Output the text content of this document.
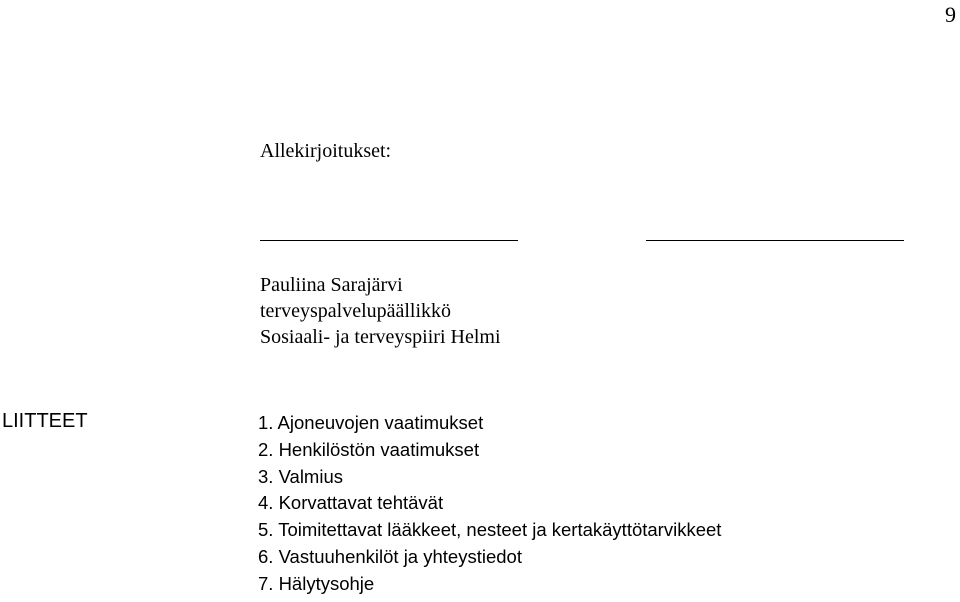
9
Allekirjoitukset:
Pauliina Sarajärvi
terveyspalvelupäällikkö
Sosiaali- ja terveyspiiri Helmi
LIITTEET	1. Ajoneuvojen vaatimukset
2. Henkilöstön vaatimukset
3. Valmius
4. Korvattavat tehtävät
5. Toimitettavat lääkkeet, nesteet ja kertakäyttötarvikkeet
6. Vastuuhenkilöt ja yhteystiedot
7. Hälytysohje
